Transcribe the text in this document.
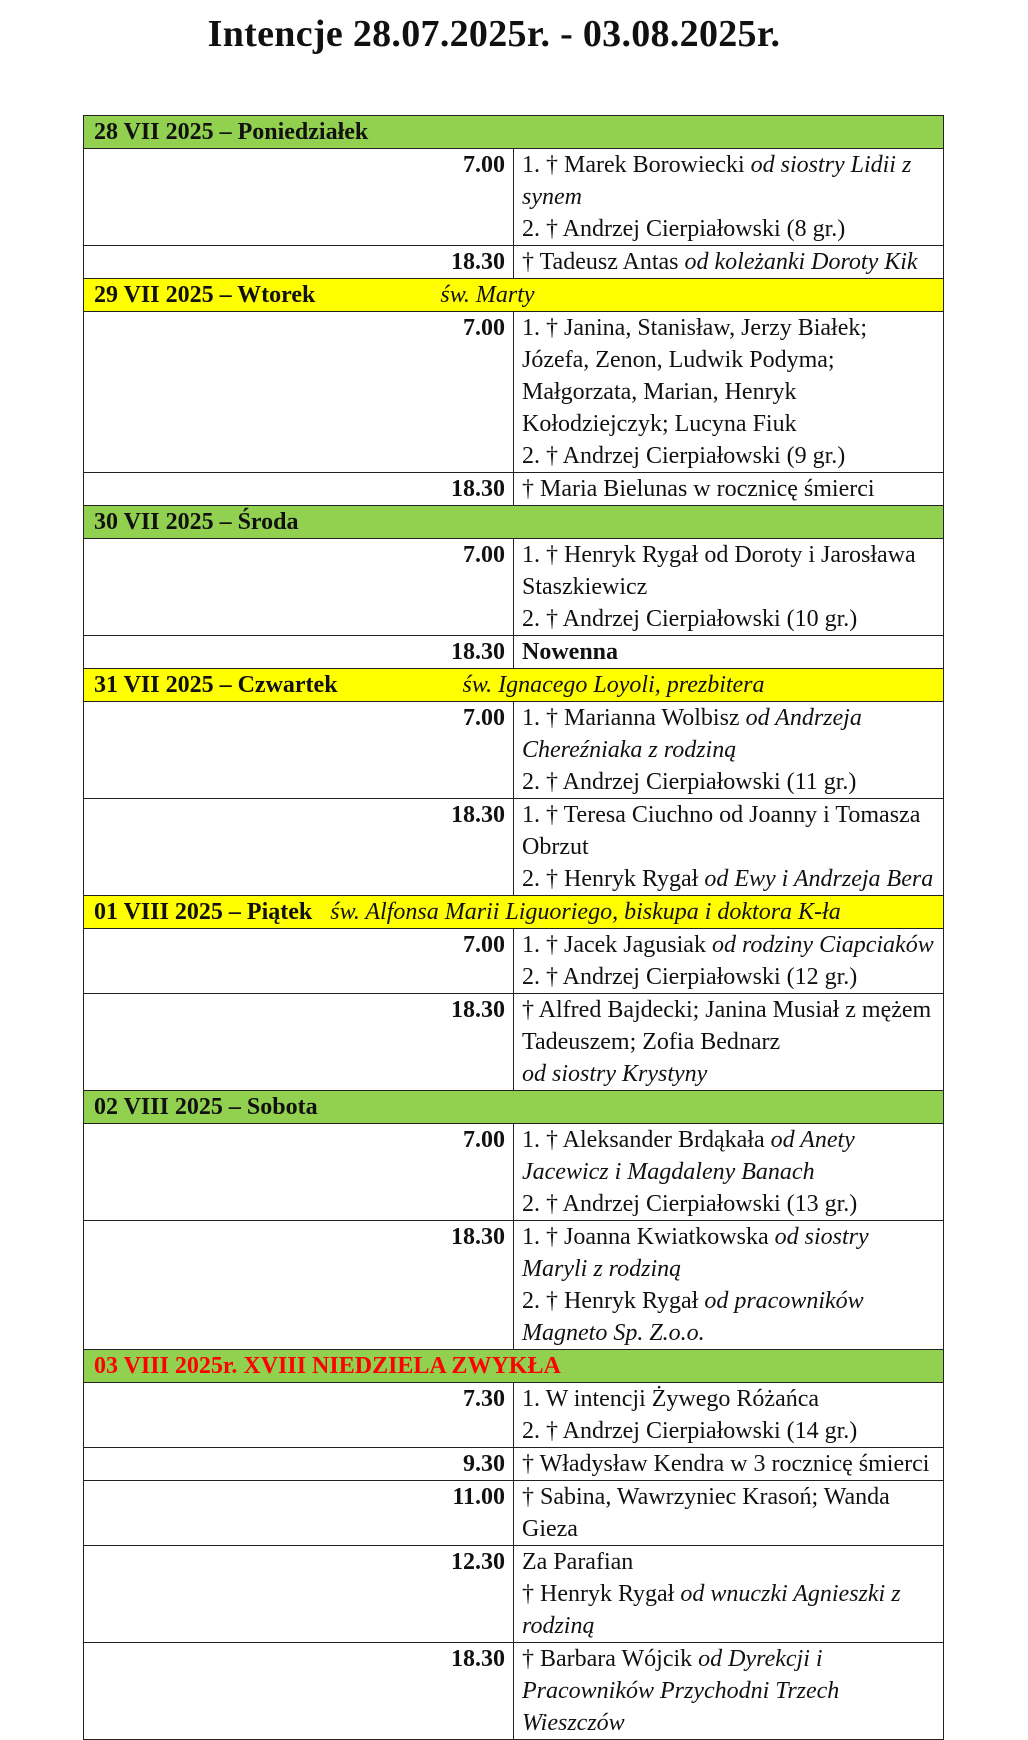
Intencje 28.07.2025r. - 03.08.2025r.
28 VII 2025 – Poniedziałek	
7.00	1. † Marek Borowiecki od siostry Lidii z synem
2. † Andrzej Cierpiałowski (8 gr.)

18.30	† Tadeusz Antas od koleżanki Doroty Kik

29 VII 2025 – Wtorek św. Marty	
7.00	1. † Janina, Stanisław, Jerzy Białek; Józefa, Zenon, Ludwik Podyma;
Małgorzata, Marian, Henryk Kołodziejczyk; Lucyna Fiuk
2. † Andrzej Cierpiałowski (9 gr.)

18.30	† Maria Bielunas w rocznicę śmierci

30 VII 2025 – Środa	
7.00	1. † Henryk Rygał od Doroty i Jarosława Staszkiewicz
2. † Andrzej Cierpiałowski (10 gr.)

18.30	Nowenna

31 VII 2025 – Czwartek św. Ignacego Loyoli, prezbitera	
7.00	1. † Marianna Wolbisz od Andrzeja Chereźniaka z rodziną
2. † Andrzej Cierpiałowski (11 gr.)

18.30	1. † Teresa Ciuchno od Joanny i Tomasza Obrzut
2. † Henryk Rygał od Ewy i Andrzeja Bera

01 VIII 2025 – Piątek św. Alfonsa Marii Liguoriego, biskupa i doktora K-ła	
7.00	1. † Jacek Jagusiak od rodziny Ciapciaków
2. † Andrzej Cierpiałowski (12 gr.)

18.30	† Alfred Bajdecki; Janina Musiał z mężem Tadeuszem; Zofia Bednarz
od siostry Krystyny

02 VIII 2025 – Sobota	
7.00	1. † Aleksander Brdąkała od Anety Jacewicz i Magdaleny Banach
2. † Andrzej Cierpiałowski (13 gr.)

18.30	1. † Joanna Kwiatkowska od siostry Maryli z rodziną
2. † Henryk Rygał od pracowników Magneto Sp. Z.o.o.

03 VIII 2025r. XVIII NIEDZIELA ZWYKŁA	
7.30	1. W intencji Żywego Różańca
2. † Andrzej Cierpiałowski (14 gr.)

9.30	† Władysław Kendra w 3 rocznicę śmierci

11.00	† Sabina, Wawrzyniec Krasoń; Wanda Gieza

12.30	Za Parafian
† Henryk Rygał od wnuczki Agnieszki z rodziną

18.30	† Barbara Wójcik od Dyrekcji i Pracowników Przychodni Trzech
Wieszczów
